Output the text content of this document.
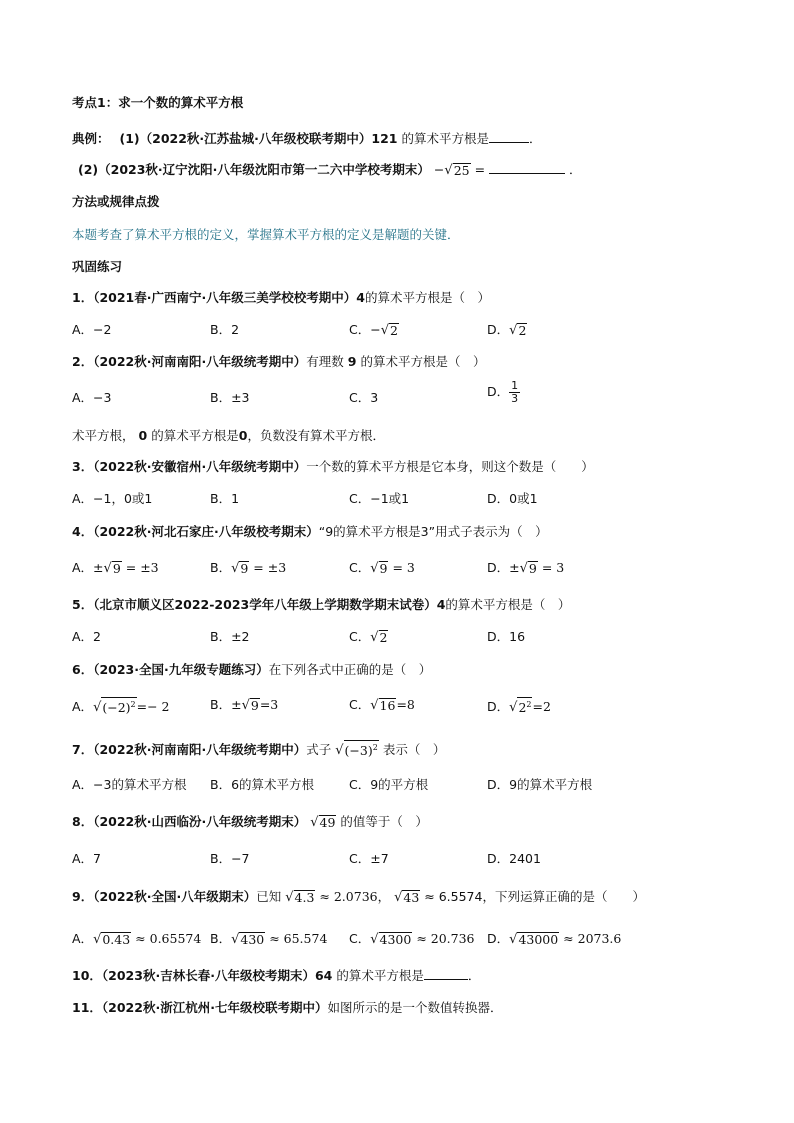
考点1：求一个数的算术平方根
典例： (1)（2022秋·江苏盐城·八年级校联考期中）121 的算术平方根是	．
(2)（2023秋·辽宁沈阳·八年级沈阳市第一二六中学校考期末） − √ 25 =	．
方法或规律点拨
本题考查了算术平方根的定义，掌握算术平方根的定义是解题的关键．
巩固练习
1．（2021春·广西南宁·八年级三美学校校考期中）4的算术平方根是（　）
A．−2	B．2	C．− √ 2	D． √ 2
2．（2022秋·河南南阳·八年级统考期中）有理数 9 的算术平方根是（　）
A．−3	B．±3	C．3	D． $\frac{1}{3}$
术平方根， 0 的算术平方根是0，负数没有算术平方根．
3．（2022秋·安徽宿州·八年级统考期中）一个数的算术平方根是它本身，则这个数是（　　）
A．−1，0或1	B．1	C．−1或1	D．0或1
4．（2022秋·河北石家庄·八年级校考期末）“9的算术平方根是3”用式子表示为（　）
A．± √ 9 = ±3	B． √ 9 = ±3	C． √ 9 = 3	D．± √ 9 = 3
5．（北京市顺义区2022-2023学年八年级上学期数学期末试卷）4的算术平方根是（　）
A．2	B．±2	C． √ 2	D．16
6．（2023·全国·九年级专题练习）在下列各式中正确的是（　）
A． √ $(-2)^2 =- 2$	B．± √ 9 =3	C． √ 16 =8	D． √ $2^2 =2$
7．（2022秋·河南南阳·八年级统考期中）式子 √ $(-3)^2$ 表示（　）
A．−3的算术平方根 B．6的算术平方根	C．9的平方根	D．9的算术平方根
8．（2022秋·山西临汾·八年级统考期末） √ 49 的值等于（　）
A．7	B．−7	C．±7	D．2401
9．（2022秋·全国·八年级期末）已知 √ 4.3 ≈ 2.0736， √ 43 ≈ 6.5574，下列运算正确的是（　　）
A． √ 0.43 ≈ 0.65574 B． √ 430 ≈ 65.574 C． √ 4300 ≈ 20.736 D． √ 43000 ≈ 2073.6
10．（2023秋·吉林长春·八年级校考期末）64 的算术平方根是	．
11．（2022秋·浙江杭州·七年级校联考期中）如图所示的是一个数值转换器．
